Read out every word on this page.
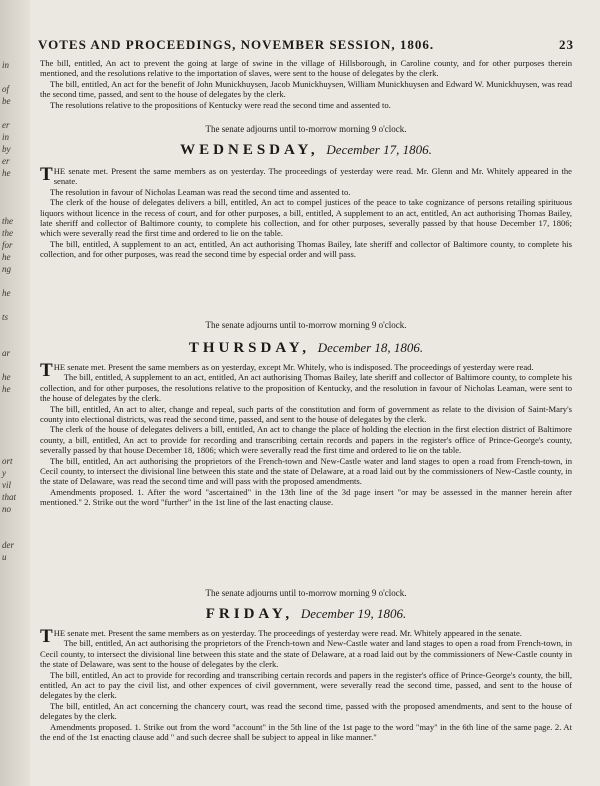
in
of
be
er
in
by
er
he
the
the
for
he
ng
he
ts
ar
he
he
ort
y
vil
that
no
der
u
VOTES AND PROCEEDINGS, NOVEMBER SESSION, 1806.	23

The bill, entitled, An act to prevent the going at large of swine in the village of Hillsborough, in Caroline county, and for other purposes therein mentioned, and the resolutions relative to the importation of slaves, were sent to the house of delegates by the clerk.

The bill, entitled, An act for the benefit of John Munickhuysen, Jacob Munickhuysen, William Munickhuysen and Edward W. Munickhuysen, was read the second time, passed, and sent to the house of delegates by the clerk.

The resolutions relative to the propositions of Kentucky were read the second time and assented to.

The senate adjourns until to-morrow morning 9 o'clock.
WEDNESDAY, December 17, 1806.

THE senate met. Present the same members as on yesterday. The proceedings of yesterday were read. Mr. Glenn and Mr. Whitely appeared in the senate.

The resolution in favour of Nicholas Leaman was read the second time and assented to.

The clerk of the house of delegates delivers a bill, entitled, An act to compel justices of the peace to take cognizance of persons retailing spirituous liquors without licence in the recess of court, and for other purposes, a bill, entitled, A supplement to an act, entitled, An act authorising Thomas Bailey, late sheriff and collector of Baltimore county, to complete his collection, and for other purposes, severally passed by that house December 17, 1806; which were severally read the first time and ordered to lie on the table.

The bill, entitled, A supplement to an act, entitled, An act authorising Thomas Bailey, late sheriff and collector of Baltimore county, to complete his collection, and for other purposes, was read the second time by especial order and will pass.

The senate adjourns until to-morrow morning 9 o'clock.
THURSDAY, December 18, 1806.

THE senate met. Present the same members as on yesterday, except Mr. Whitely, who is indisposed. The proceedings of yesterday were read.

The bill, entitled, A supplement to an act, entitled, An act authorising Thomas Bailey, late sheriff and collector of Baltimore county, to complete his collection, and for other purposes, the resolutions relative to the proposition of Kentucky, and the resolution in favour of Nicholas Leaman, were sent to the house of delegates by the clerk.

The bill, entitled, An act to alter, change and repeal, such parts of the constitution and form of government as relate to the division of Saint-Mary's county into electional districts, was read the second time, passed, and sent to the house of delegates by the clerk.

The clerk of the house of delegates delivers a bill, entitled, An act to change the place of holding the election in the first election district of Baltimore county, a bill, entitled, An act to provide for recording and transcribing certain records and papers in the register's office of Prince-George's county, severally passed by that house December 18, 1806; which were severally read the first time and ordered to lie on the table.

The bill, entitled, An act authorising the proprietors of the French-town and New-Castle water and land stages to open a road from French-town, in Cecil county, to intersect the divisional line between this state and the state of Delaware, at a road laid out by the commissioners of New-Castle county, in the state of Delaware, was read the second time and will pass with the proposed amendments.

Amendments proposed. 1. After the word "ascertained" in the 13th line of the 3d page insert "or may be assessed in the manner herein after mentioned." 2. Strike out the word "further" in the 1st line of the last enacting clause.

The senate adjourns until to-morrow morning 9 o'clock.
FRIDAY, December 19, 1806.

THE senate met. Present the same members as on yesterday. The proceedings of yesterday were read. Mr. Whitely appeared in the senate.

The bill, entitled, An act authorising the proprietors of the French-town and New-Castle water and land stages to open a road from French-town, in Cecil county, to intersect the divisional line between this state and the state of Delaware, at a road laid out by the commissioners of New-Castle county in the state of Delaware, was sent to the house of delegates by the clerk.

The bill, entitled, An act to provide for recording and transcribing certain records and papers in the register's office of Prince-George's county, the bill, entitled, An act to pay the civil list, and other expences of civil government, were severally read the second time, passed, and sent to the house of delegates by the clerk.

The bill, entitled, An act concerning the chancery court, was read the second time, passed with the proposed amendments, and sent to the house of delegates by the clerk.

Amendments proposed. 1. Strike out from the word "account" in the 5th line of the 1st page to the word "may" in the 6th line of the same page. 2. At the end of the 1st enacting clause add " and such decree shall be subject to appeal in like manner."
